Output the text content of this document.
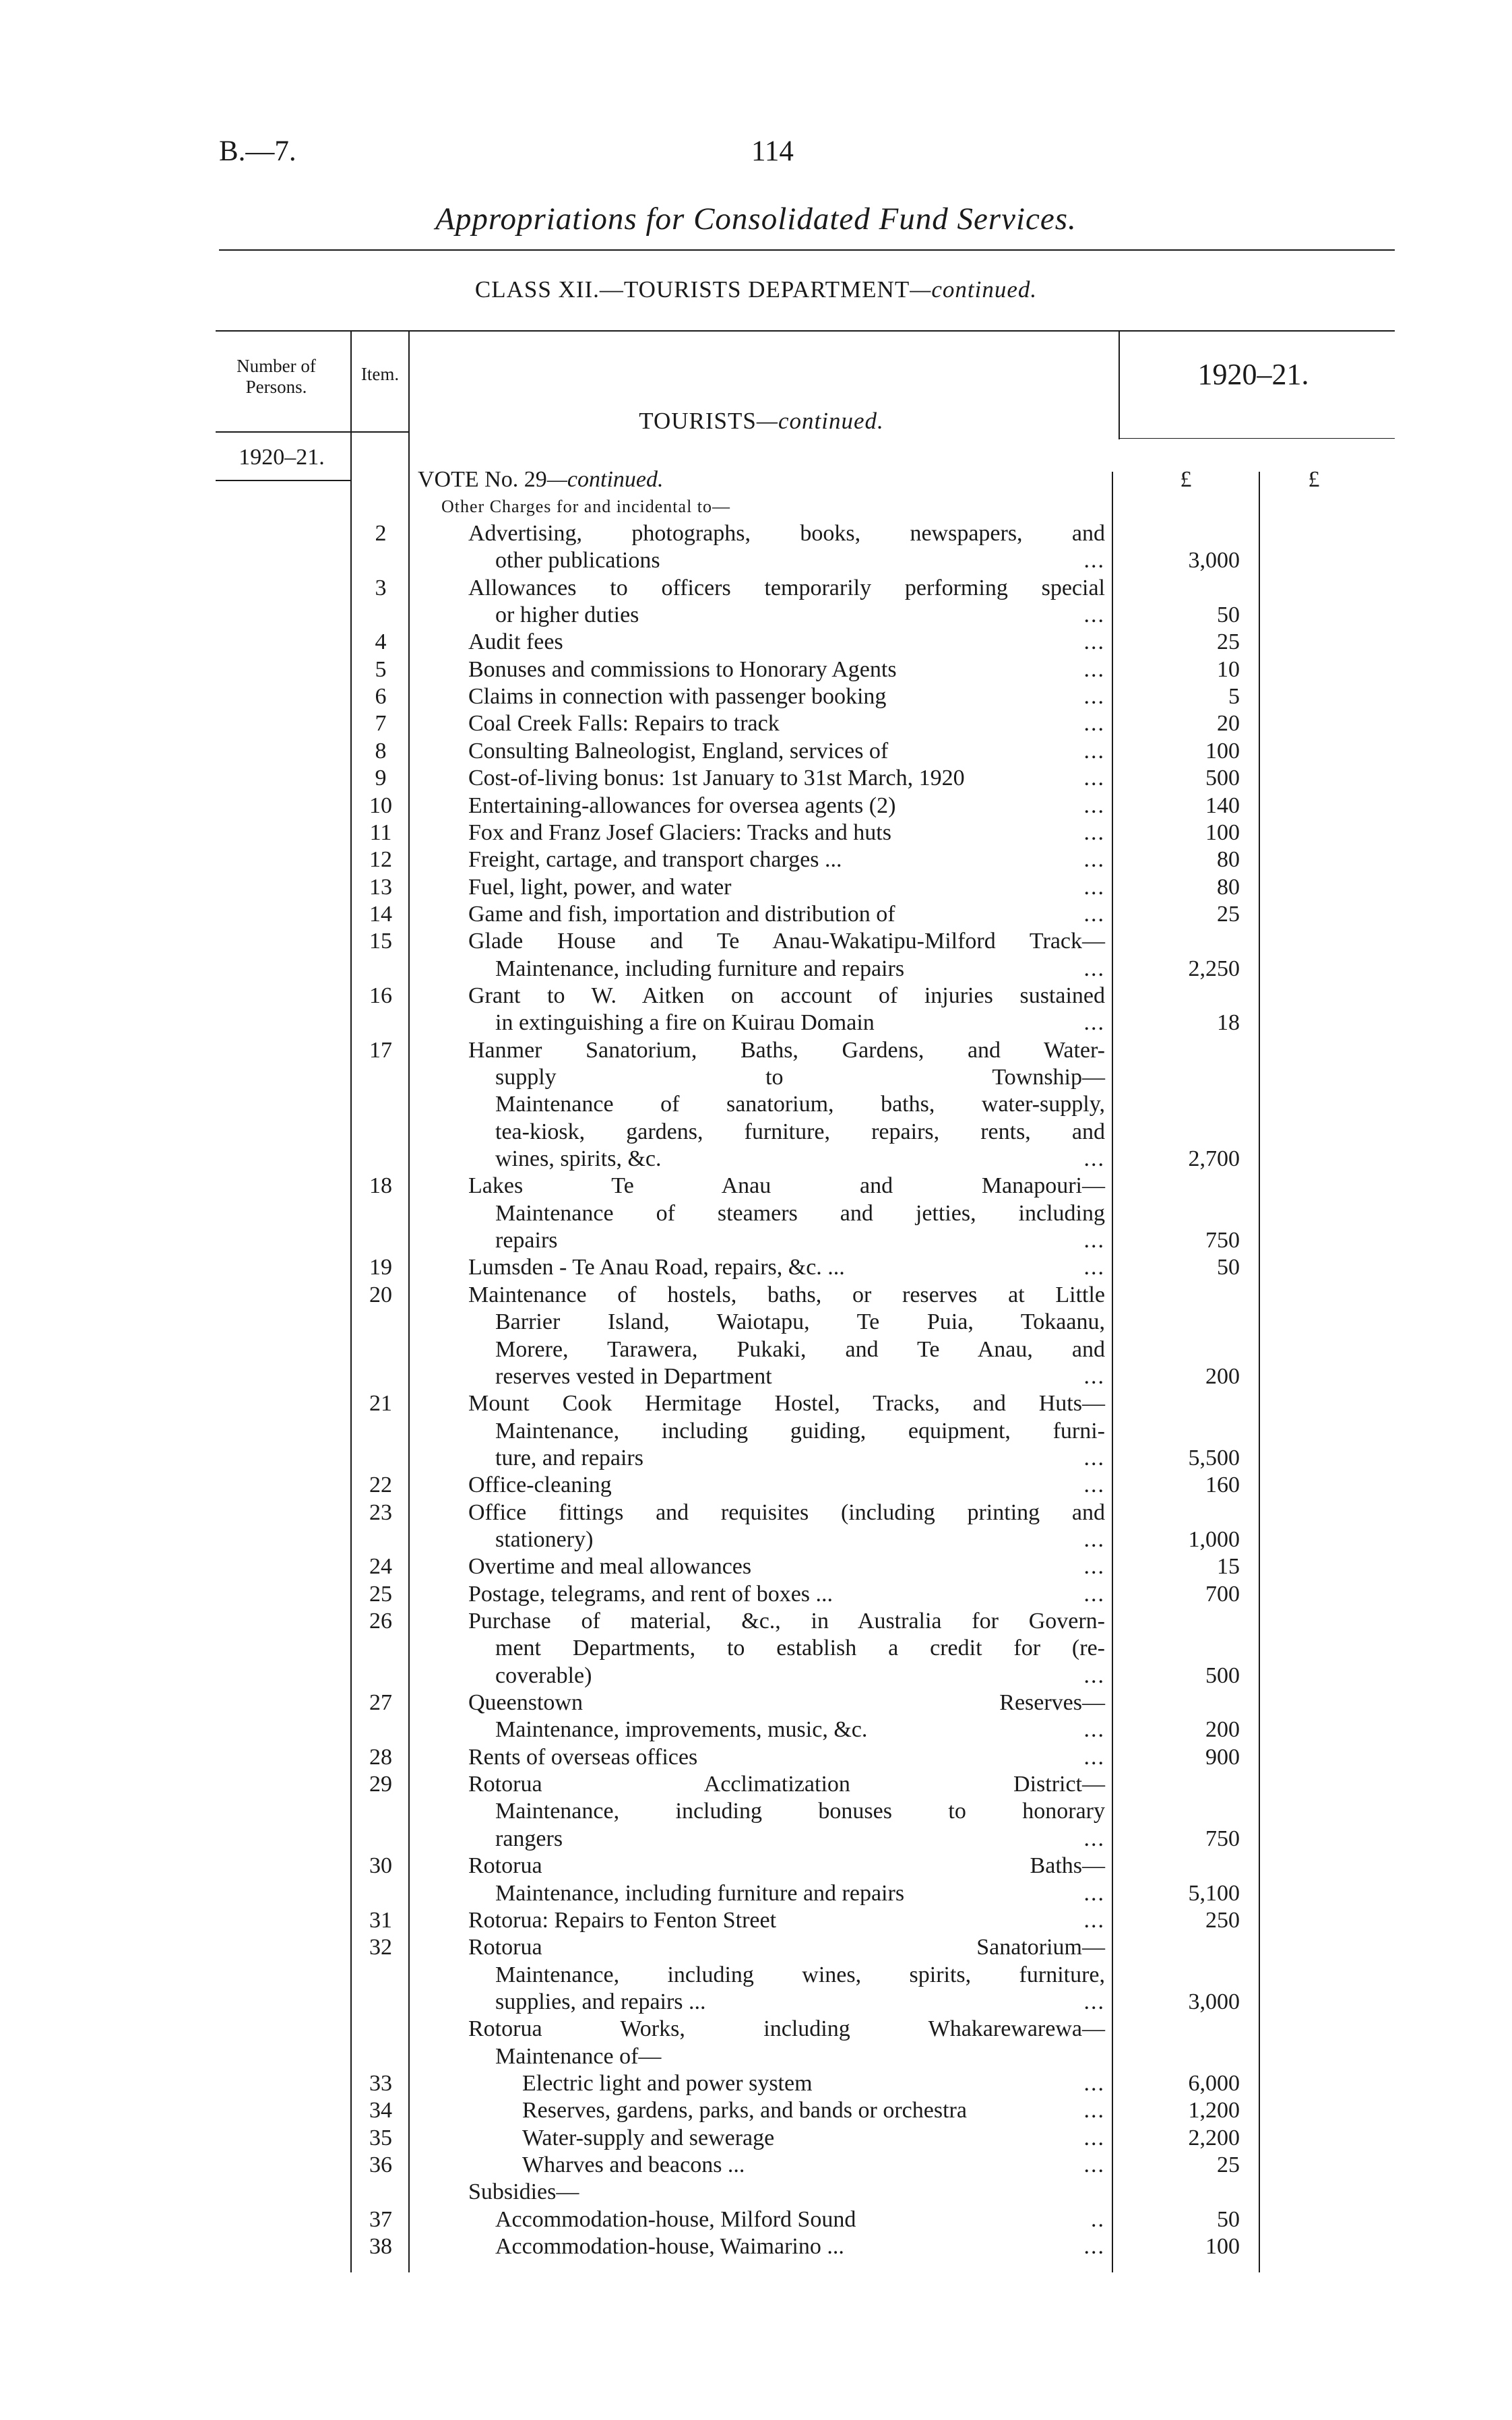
B.—7.	114
Appropriations for Consolidated Fund Services.
CLASS XII.—TOURISTS DEPARTMENT—continued.
Number of Persons.
Item.	1920–21.
TOURISTS—continued.
1920–21.
VOTE No. 29—continued.	£	£
Other Charges for and incidental to—
2	Advertising, photographs, books, newspapers, and
other publications	...	3,000
3	Allowances to officers temporarily performing special
or higher duties	...	50
4	Audit fees	...	25
5	Bonuses and commissions to Honorary Agents	...	10
6	Claims in connection with passenger booking	...	5
7	Coal Creek Falls: Repairs to track	...	20
8	Consulting Balneologist, England, services of	...	100
9	Cost-of-living bonus: 1st January to 31st March, 1920	...	500
10	Entertaining-allowances for oversea agents (2)	...	140
11	Fox and Franz Josef Glaciers: Tracks and huts	...	100
12	Freight, cartage, and transport charges ...	...	80
13	Fuel, light, power, and water	...	80
14	Game and fish, importation and distribution of	...	25
15	Glade House and Te Anau-Wakatipu-Milford Track—
Maintenance, including furniture and repairs	...	2,250
16	Grant to W. Aitken on account of injuries sustained
in extinguishing a fire on Kuirau Domain	...	18
17	Hanmer Sanatorium, Baths, Gardens, and Water-
supply to Township—
Maintenance of sanatorium, baths, water-supply,
tea-kiosk, gardens, furniture, repairs, rents, and
wines, spirits, &c.	...	2,700
18	Lakes Te Anau and Manapouri—
Maintenance of steamers and jetties, including
repairs	...	750
19	Lumsden - Te Anau Road, repairs, &c. ...	...	50
20	Maintenance of hostels, baths, or reserves at Little
Barrier Island, Waiotapu, Te Puia, Tokaanu,
Morere, Tarawera, Pukaki, and Te Anau, and
reserves vested in Department	...	200
21	Mount Cook Hermitage Hostel, Tracks, and Huts—
Maintenance, including guiding, equipment, furni-
ture, and repairs	...	5,500
22	Office-cleaning	...	160
23	Office fittings and requisites (including printing and
stationery)	...	1,000
24	Overtime and meal allowances	...	15
25	Postage, telegrams, and rent of boxes ...	...	700
26	Purchase of material, &c., in Australia for Govern-
ment Departments, to establish a credit for (re-
coverable)	...	500
27	Queenstown Reserves—
Maintenance, improvements, music, &c.	...	200
28	Rents of overseas offices	...	900
29	Rotorua Acclimatization District—
Maintenance, including bonuses to honorary
rangers	...	750
30	Rotorua Baths—
Maintenance, including furniture and repairs	...	5,100
31	Rotorua: Repairs to Fenton Street	...	250
32	Rotorua Sanatorium—
Maintenance, including wines, spirits, furniture,
supplies, and repairs ...	...	3,000
Rotorua Works, including Whakarewarewa—
Maintenance of—
33	Electric light and power system	...	6,000
34	Reserves, gardens, parks, and bands or orchestra	...	1,200
35	Water-supply and sewerage	...	2,200
36	Wharves and beacons ...	...	25
Subsidies—
37	Accommodation-house, Milford Sound	..	50
38	Accommodation-house, Waimarino ...	...	100
